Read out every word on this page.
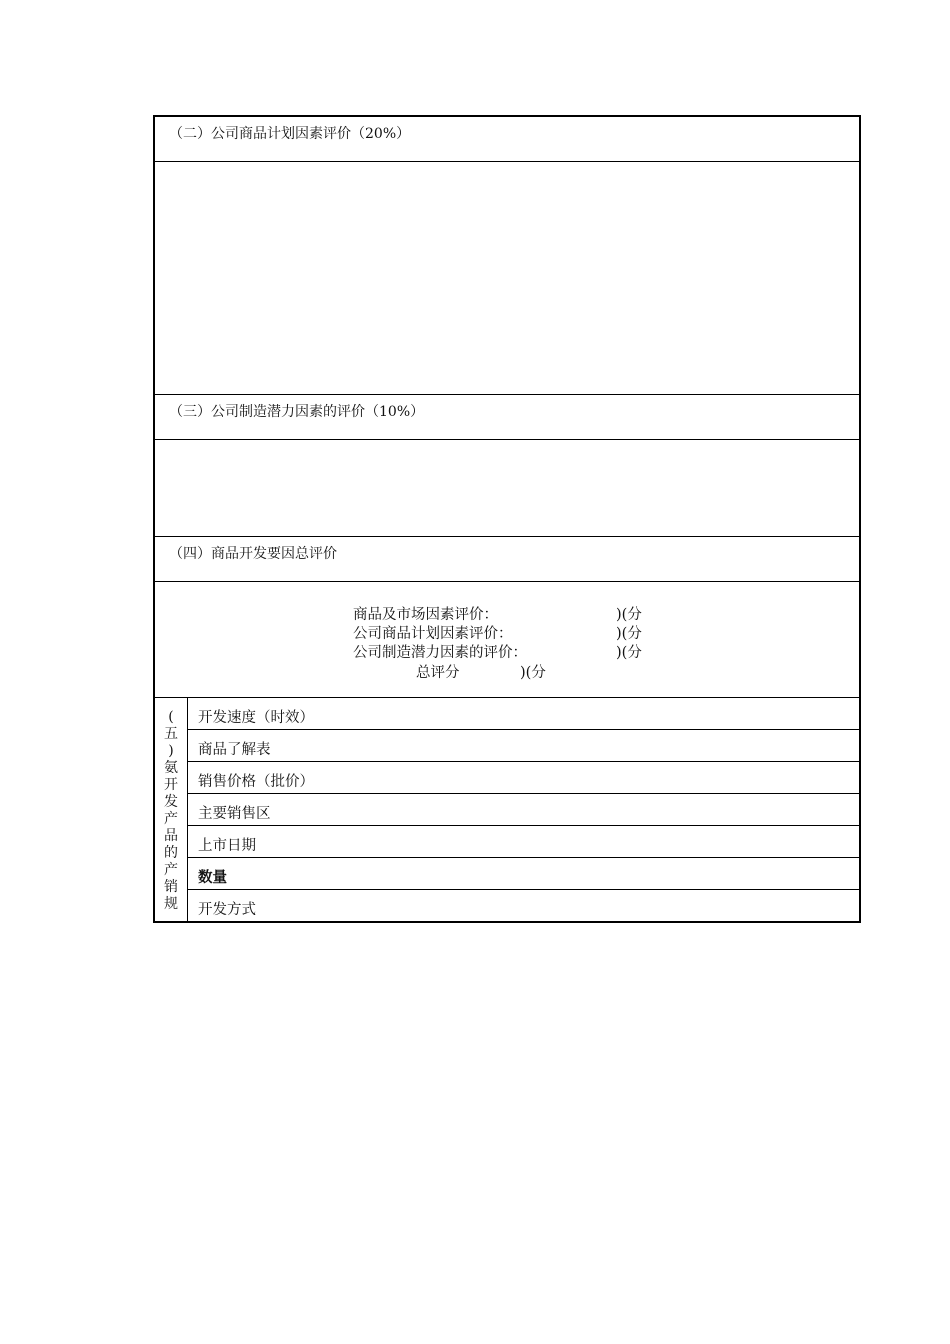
（二）公司商品计划因素评价（20%）
（三）公司制造潜力因素的评价（10%）
（四）商品开发要因总评价
商品及市场因素评价：	)(分
公司商品计划因素评价：	)(分
公司制造潜力因素的评价：	)(分
总评分	)(分
(
五
)
氨
开
发
产
品
的
产
销
规
开发速度（时效）
商品了解表
销售价格（批价）
主要销售区
上市日期
数量
开发方式
